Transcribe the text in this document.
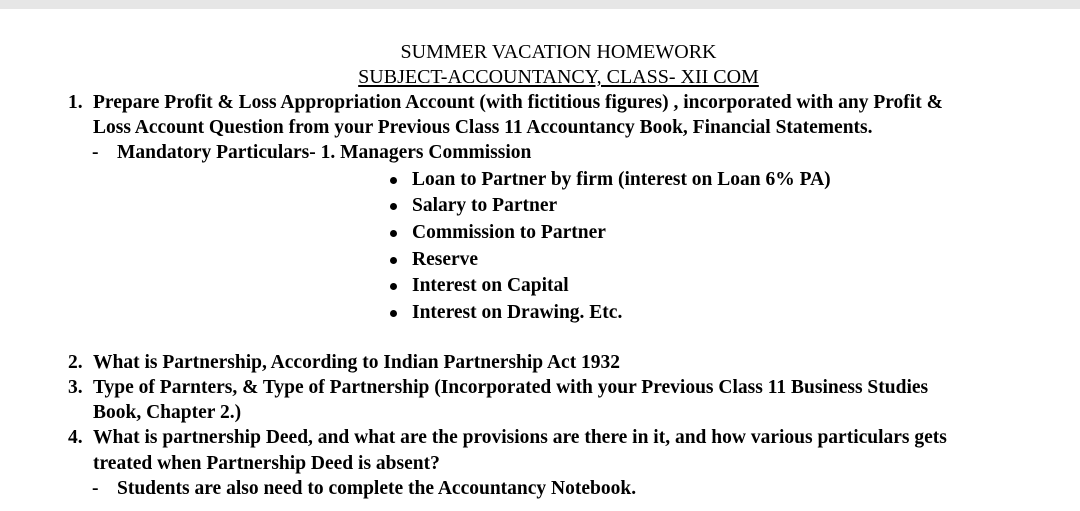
SUMMER VACATION HOMEWORK
SUBJECT-ACCOUNTANCY, CLASS- XII COM
1. Prepare Profit & Loss Appropriation Account (with fictitious figures) , incorporated with any Profit &
Loss Account Question from your Previous Class 11 Accountancy Book, Financial Statements.
- Mandatory Particulars- 1. Managers Commission
Loan to Partner by firm (interest on Loan 6% PA)
Salary to Partner
Commission to Partner
Reserve
Interest on Capital
Interest on Drawing. Etc.
2. What is Partnership, According to Indian Partnership Act 1932
3. Type of Parnters, & Type of Partnership (Incorporated with your Previous Class 11 Business Studies
Book, Chapter 2.)
4. What is partnership Deed, and what are the provisions are there in it, and how various particulars gets
treated when Partnership Deed is absent?
- Students are also need to complete the Accountancy Notebook.
